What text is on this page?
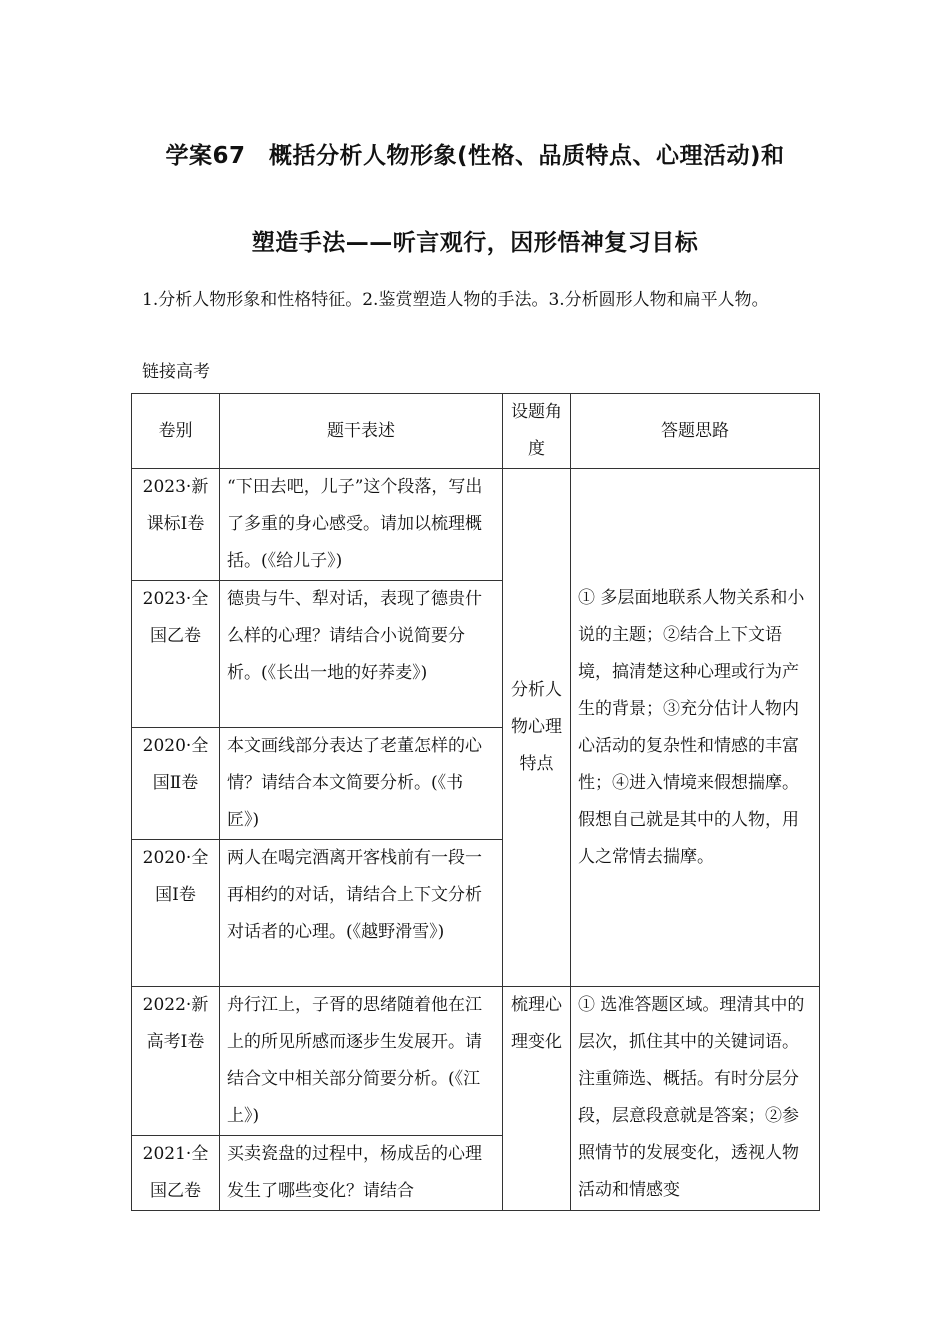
学案67　概括分析人物形象(性格、品质特点、心理活动)和
塑造手法——听言观行，因形悟神复习目标
1.分析人物形象和性格特征。2.鉴赏塑造人物的手法。3.分析圆形人物和扁平人物。
链接高考
卷别	题干表述	设题角度	答题思路
2023·新课标Ⅰ卷	“下田去吧，儿子”这个段落，写出了多重的身心感受。请加以梳理概括。(《给儿子》)	分析人物心理特点	① 多层面地联系人物关系和小说的主题；②结合上下文语境，搞清楚这种心理或行为产生的背景；③充分估计人物内心活动的复杂性和情感的丰富性；④进入情境来假想揣摩。假想自己就是其中的人物，用人之常情去揣摩。
2023·全国乙卷	德贵与牛、犁对话，表现了德贵什么样的心理？请结合小说简要分析。(《长出一地的好荞麦》)		
2020·全国Ⅱ卷	本文画线部分表达了老董怎样的心情？请结合本文简要分析。(《书匠》)		
2020·全国Ⅰ卷	两人在喝完酒离开客栈前有一段一再相约的对话，请结合上下文分析对话者的心理。(《越野滑雪》)		
2022·新高考Ⅰ卷	舟行江上，子胥的思绪随着他在江上的所见所感而逐步生发展开。请结合文中相关部分简要分析。(《江上》)	梳理心理变化	① 选准答题区域。理清其中的层次，抓住其中的关键词语。注重筛选、概括。有时分层分段，层意段意就是答案；②参照情节的发展变化，透视人物活动和情感变
2021·全国乙卷	买卖瓷盘的过程中，杨成岳的心理发生了哪些变化？请结合		
